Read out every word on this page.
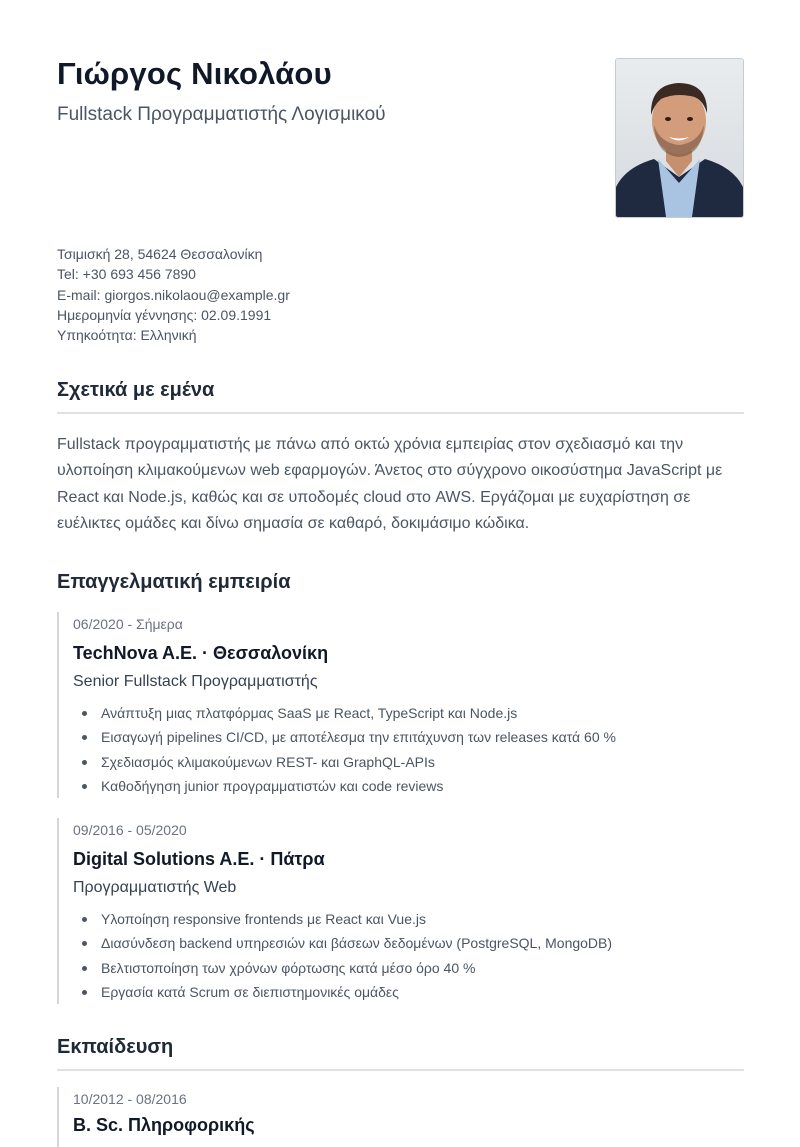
Γιώργος Νικολάου
Fullstack Προγραμματιστής Λογισμικού
Τσιμισκή 28, 54624 Θεσσαλονίκη
Tel: +30 693 456 7890
E-mail: giorgos.nikolaou@example.gr
Ημερομηνία γέννησης: 02.09.1991
Υπηκοότητα: Ελληνική
Σχετικά με εμένα

Fullstack προγραμματιστής με πάνω από οκτώ χρόνια εμπειρίας στον σχεδιασμό και την υλοποίηση κλιμακούμενων web εφαρμογών. Άνετος στο σύγχρονο οικοσύστημα JavaScript με React και Node.js, καθώς και σε υποδομές cloud στο AWS. Εργάζομαι με ευχαρίστηση σε ευέλικτες ομάδες και δίνω σημασία σε καθαρό, δοκιμάσιμο κώδικα.

Επαγγελματική εμπειρία
06/2020 - Σήμερα
TechNova A.E. · Θεσσαλονίκη
Senior Fullstack Προγραμματιστής
Ανάπτυξη μιας πλατφόρμας SaaS με React, TypeScript και Node.js
Εισαγωγή pipelines CI/CD, με αποτέλεσμα την επιτάχυνση των releases κατά 60 %
Σχεδιασμός κλιμακούμενων REST- και GraphQL-APIs
Καθοδήγηση junior προγραμματιστών και code reviews
09/2016 - 05/2020
Digital Solutions A.E. · Πάτρα
Προγραμματιστής Web
Υλοποίηση responsive frontends με React και Vue.js
Διασύνδεση backend υπηρεσιών και βάσεων δεδομένων (PostgreSQL, MongoDB)
Βελτιστοποίηση των χρόνων φόρτωσης κατά μέσο όρο 40 %
Εργασία κατά Scrum σε διεπιστημονικές ομάδες
Εκπαίδευση
10/2012 - 08/2016
B. Sc. Πληροφορικής
